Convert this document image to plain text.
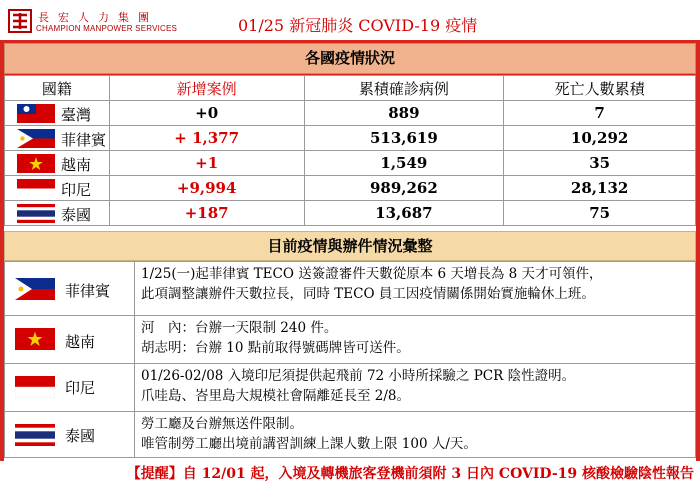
長宏人力集團
CHAMPION MANPOWER SERVICES	01/25 新冠肺炎 COVID-19 疫情
各國疫情狀況
國籍	新增案例	累積確診病例	死亡人數累積

臺灣	+0	889	7

菲律賓	+ 1,377	513,619	10,292

越南	+1	1,549	35

印尼	+9,994	989,262	28,132

泰國	+187	13,687	75
目前疫情與辦件情況彙整
菲律賓	1/25(一)起菲律賓 TECO 送簽證審件天數從原本 6 天增長為 8 天才可領件，
此項調整讓辦件天數拉長，同時 TECO 員工因疫情關係開始實施輪休上班。

越南	河　內：台辦一天限制 240 件。
胡志明：台辦 10 點前取得號碼牌皆可送件。

印尼	01/26-02/08 入境印尼須提供起飛前 72 小時所採驗之 PCR 陰性證明。
爪哇島、峇里島大規模社會隔離延長至 2/8。

泰國	勞工廳及台辦無送件限制。
唯管制勞工廳出境前講習訓練上課人數上限 100 人/天。
【提醒】自 12/01 起，入境及轉機旅客登機前須附 3 日內 COVID-19 核酸檢驗陰性報告
